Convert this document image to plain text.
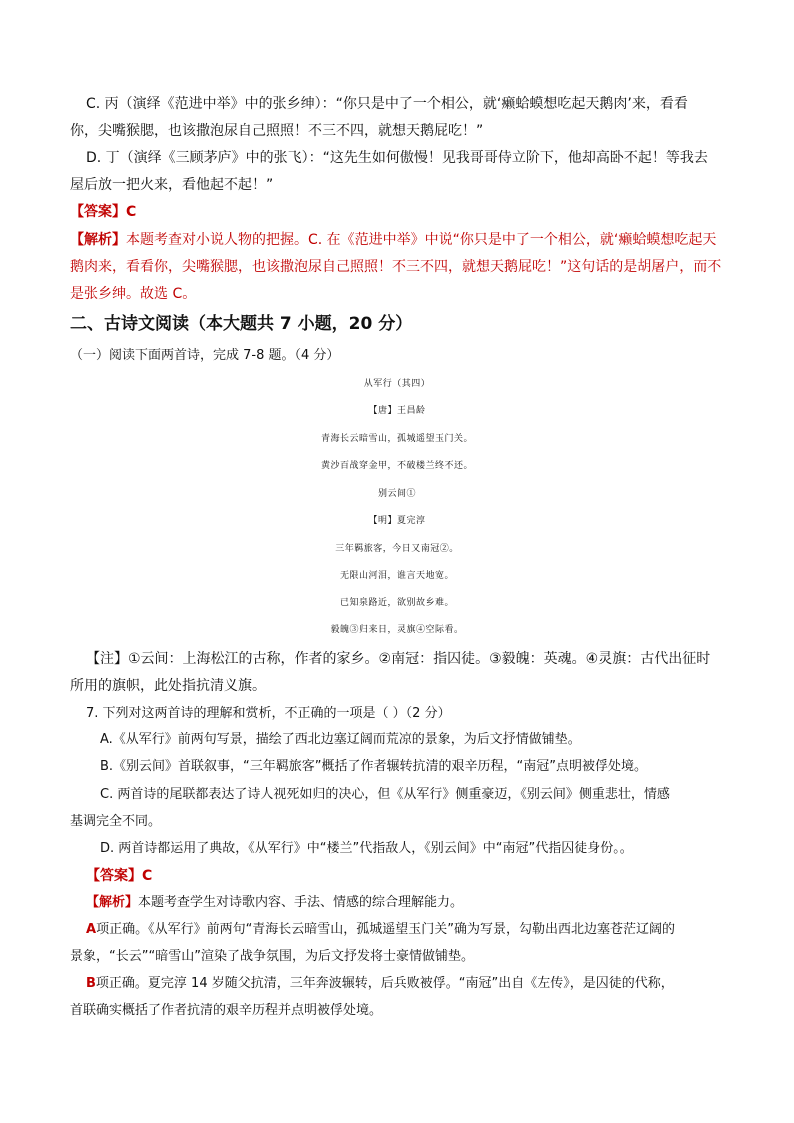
C. 丙（演绎《范进中举》中的张乡绅）：“你只是中了一个相公，就‘癞蛤蟆想吃起天鹅肉’来，看看
你，尖嘴猴腮，也该撒泡尿自己照照！不三不四，就想天鹅屁吃！”
D. 丁（演绎《三顾茅庐》中的张飞）：“这先生如何傲慢！见我哥哥侍立阶下，他却高卧不起！等我去
屋后放一把火来，看他起不起！”
【答案】C
【解析】本题考查对小说人物的把握。C. 在《范进中举》中说“你只是中了一个相公，就‘癞蛤蟆想吃起天
鹅肉来，看看你，尖嘴猴腮，也该撒泡尿自己照照！不三不四，就想天鹅屁吃！”这句话的是胡屠户，而不
是张乡绅。故选 C。
二、古诗文阅读（本大题共 7 小题，20 分）
（一）阅读下面两首诗，完成 7-8 题。（4 分）
从军行（其四）
【唐】王昌龄
青海长云暗雪山，孤城遥望玉门关。
黄沙百战穿金甲，不破楼兰终不还。
别云间①
【明】夏完淳
三年羁旅客，今日又南冠②。
无限山河泪，谁言天地宽。
已知泉路近，欲别故乡难。
毅魄③归来日，灵旗④空际看。
【注】①云间：上海松江的古称，作者的家乡。②南冠：指囚徒。③毅魄：英魂。④灵旗：古代出征时
所用的旗帜，此处指抗清义旗。
7. 下列对这两首诗的理解和赏析，不正确的一项是（ ）（2 分）
A.《从军行》前两句写景，描绘了西北边塞辽阔而荒凉的景象，为后文抒情做铺垫。
B.《别云间》首联叙事，“三年羁旅客”概括了作者辗转抗清的艰辛历程，“南冠”点明被俘处境。
C. 两首诗的尾联都表达了诗人视死如归的决心，但《从军行》侧重豪迈，《别云间》侧重悲壮，情感
基调完全不同。
D. 两首诗都运用了典故，《从军行》中“楼兰”代指敌人，《别云间》中“南冠”代指囚徒身份。。
【答案】C
【解析】本题考查学生对诗歌内容、手法、情感的综合理解能力。
A项正确。《从军行》前两句“青海长云暗雪山，孤城遥望玉门关”确为写景，勾勒出西北边塞苍茫辽阔的
景象，“长云”“暗雪山”渲染了战争氛围，为后文抒发将士豪情做铺垫。
B项正确。夏完淳 14 岁随父抗清，三年奔波辗转，后兵败被俘。“南冠”出自《左传》，是囚徒的代称，
首联确实概括了作者抗清的艰辛历程并点明被俘处境。
